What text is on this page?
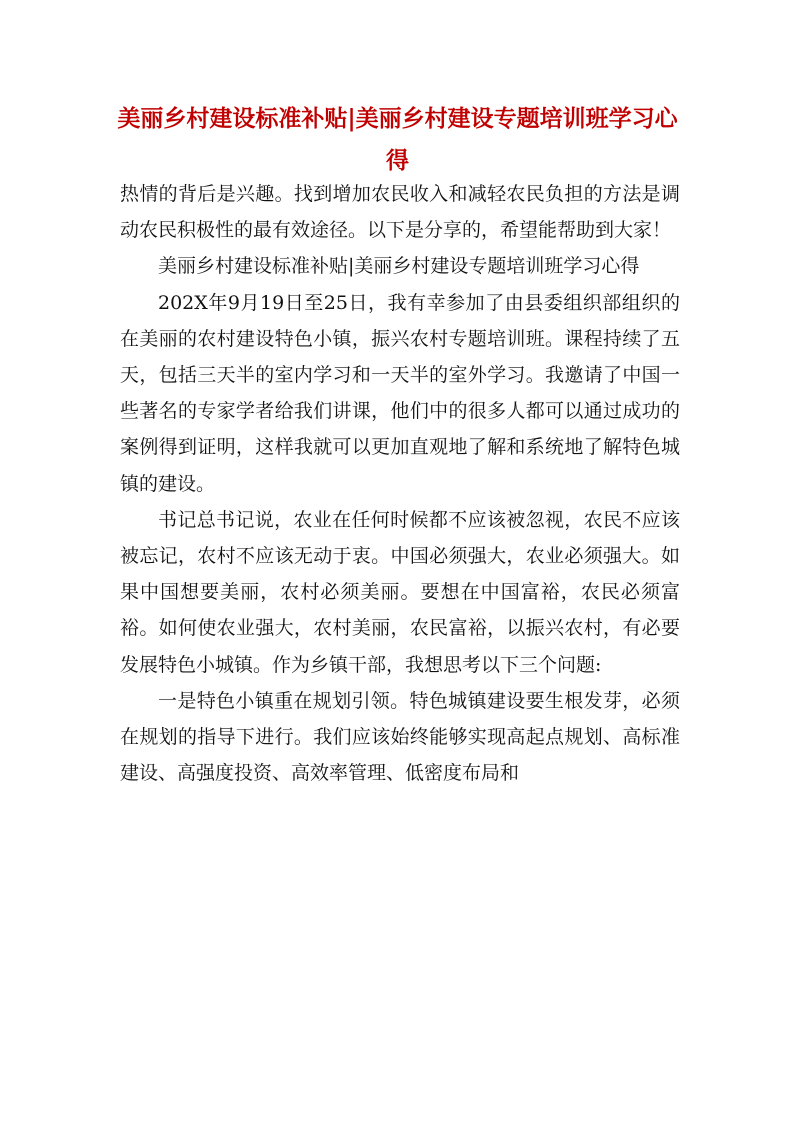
美丽乡村建设标准补贴|美丽乡村建设专题培训班学习心得

热情的背后是兴趣。找到增加农民收入和减轻农民负担的方法是调动农民积极性的最有效途径。以下是分享的，希望能帮助到大家！

美丽乡村建设标准补贴|美丽乡村建设专题培训班学习心得

202X年9月19日至25日，我有幸参加了由县委组织部组织的在美丽的农村建设特色小镇，振兴农村专题培训班。课程持续了五天，包括三天半的室内学习和一天半的室外学习。我邀请了中国一些著名的专家学者给我们讲课，他们中的很多人都可以通过成功的案例得到证明，这样我就可以更加直观地了解和系统地了解特色城镇的建设。

书记总书记说，农业在任何时候都不应该被忽视，农民不应该被忘记，农村不应该无动于衷。中国必须强大，农业必须强大。如果中国想要美丽，农村必须美丽。要想在中国富裕，农民必须富裕。如何使农业强大，农村美丽，农民富裕，以振兴农村，有必要发展特色小城镇。作为乡镇干部，我想思考以下三个问题:

一是特色小镇重在规划引领。特色城镇建设要生根发芽，必须在规划的指导下进行。我们应该始终能够实现高起点规划、高标准建设、高强度投资、高效率管理、低密度布局和
